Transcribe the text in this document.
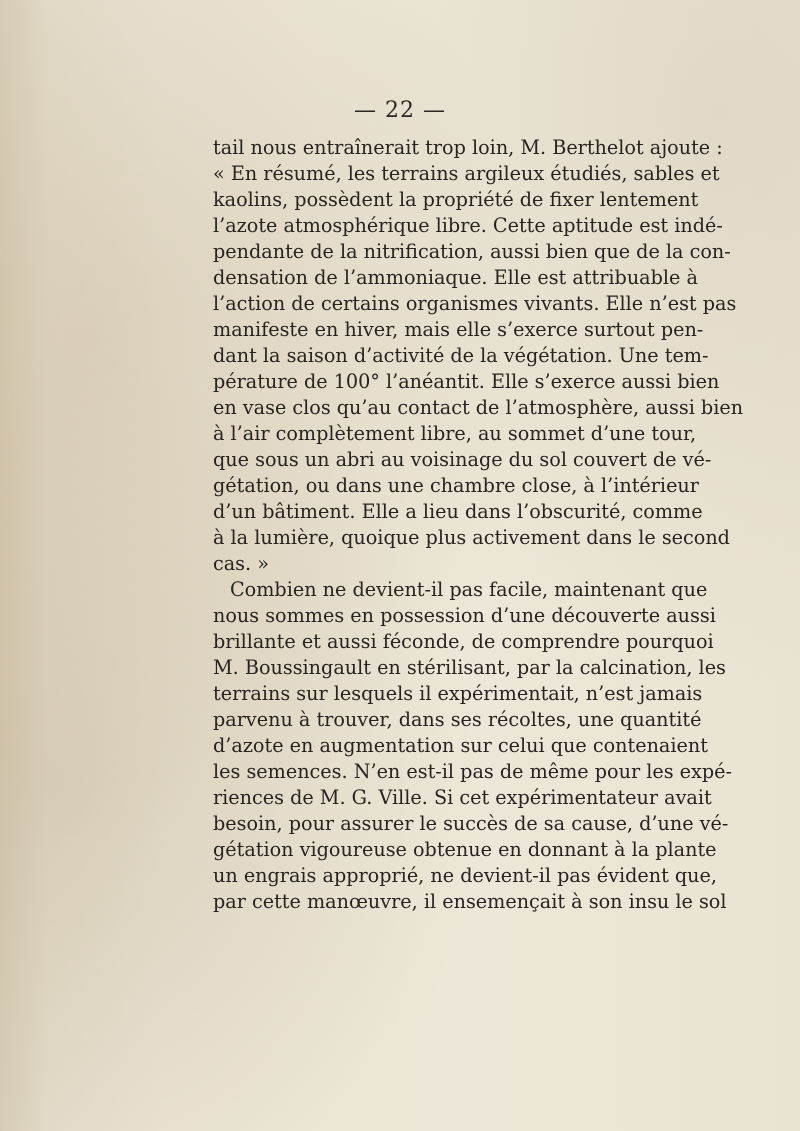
— 22 —
tail nous entraînerait trop loin, M. Berthelot ajoute :
« En résumé, les terrains argileux étudiés, sables et
kaolins, possèdent la propriété de fixer lentement
l’azote atmosphérique libre. Cette aptitude est indé-
pendante de la nitrification, aussi bien que de la con-
densation de l’ammoniaque. Elle est attribuable à
l’action de certains organismes vivants. Elle n’est pas
manifeste en hiver, mais elle s’exerce surtout pen-
dant la saison d’activité de la végétation. Une tem-
pérature de 100° l’anéantit. Elle s’exerce aussi bien
en vase clos qu’au contact de l’atmosphère, aussi bien
à l’air complètement libre, au sommet d’une tour,
que sous un abri au voisinage du sol couvert de vé-
gétation, ou dans une chambre close, à l’intérieur
d’un bâtiment. Elle a lieu dans l’obscurité, comme
à la lumière, quoique plus activement dans le second
cas. »
Combien ne devient-il pas facile, maintenant que
nous sommes en possession d’une découverte aussi
brillante et aussi féconde, de comprendre pourquoi
M. Boussingault en stérilisant, par la calcination, les
terrains sur lesquels il expérimentait, n’est jamais
parvenu à trouver, dans ses récoltes, une quantité
d’azote en augmentation sur celui que contenaient
les semences. N’en est-il pas de même pour les expé-
riences de M. G. Ville. Si cet expérimentateur avait
besoin, pour assurer le succès de sa cause, d’une vé-
gétation vigoureuse obtenue en donnant à la plante
un engrais approprié, ne devient-il pas évident que,
par cette manœuvre, il ensemençait à son insu le sol
